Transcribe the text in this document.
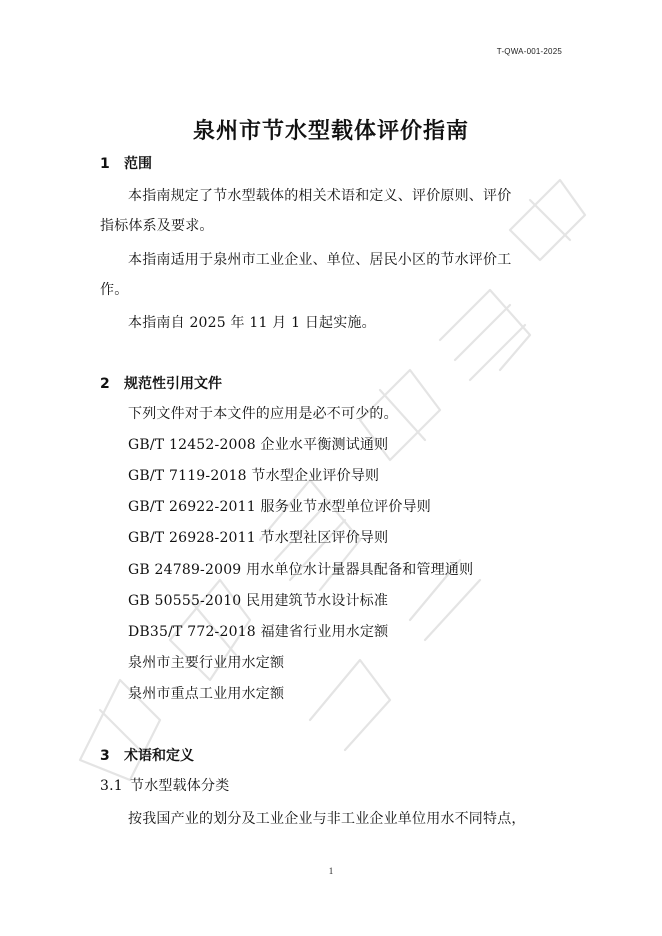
T-QWA-001-2025
泉州市节水型载体评价指南
1 范围
本指南规定了节水型载体的相关术语和定义、评价原则、评价
指标体系及要求。
本指南适用于泉州市工业企业、单位、居民小区的节水评价工
作。
本指南自 2025 年 11 月 1 日起实施。
2 规范性引用文件
下列文件对于本文件的应用是必不可少的。
GB/T 12452-2008 企业水平衡测试通则
GB/T 7119-2018 节水型企业评价导则
GB/T 26922-2011 服务业节水型单位评价导则
GB/T 26928-2011 节水型社区评价导则
GB 24789-2009 用水单位水计量器具配备和管理通则
GB 50555-2010 民用建筑节水设计标准
DB35/T 772-2018 福建省行业用水定额
泉州市主要行业用水定额
泉州市重点工业用水定额
3 术语和定义
3.1 节水型载体分类
按我国产业的划分及工业企业与非工业企业单位用水不同特点，
1
